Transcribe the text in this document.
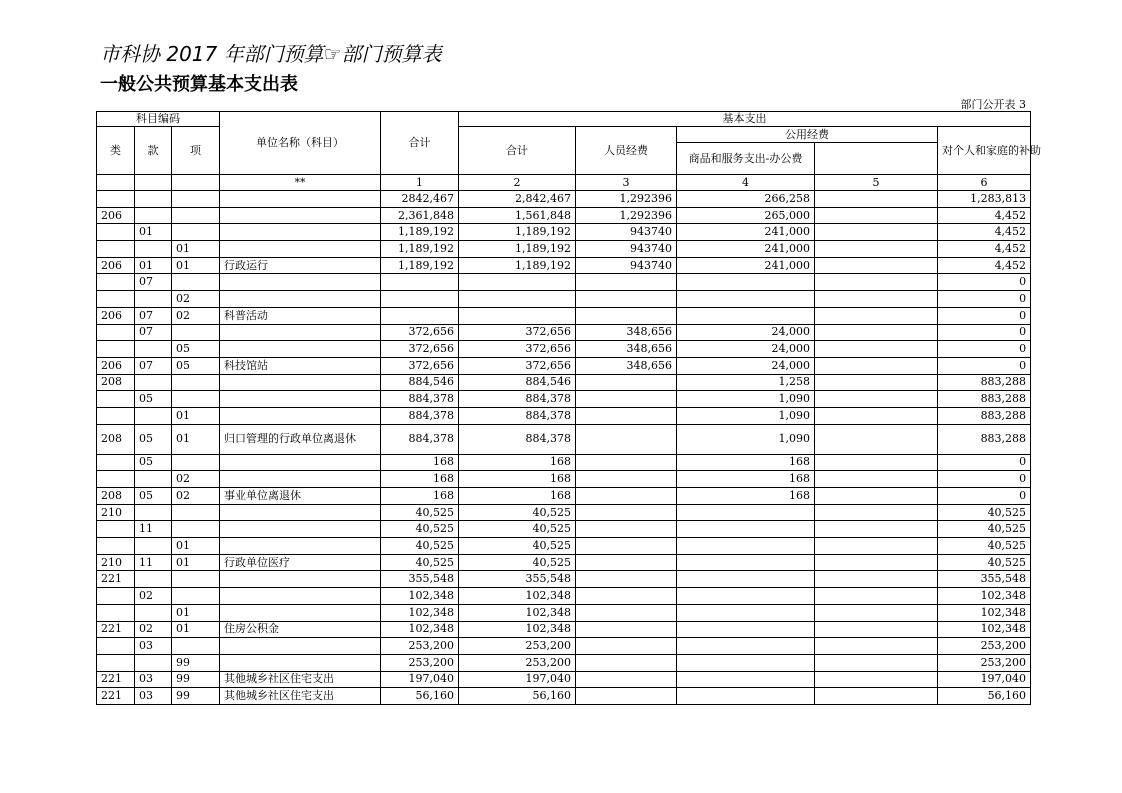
市科协 2017 年部门预算☞部门预算表
一般公共预算基本支出表
部门公开表 3
科目编码			单位名称（科目）	合计	基本支出				
类	款	项			合计	人员经费	公用经费		对个人和家庭的补助
							商品和服务支出-办公费		
			**	1	2	3	4	5	6
				2842,467	2,842,467	1,292396	266,258		1,283,813
206				2,361,848	1,561,848	1,292396	265,000		4,452
	01			1,189,192	1,189,192	943740	241,000		4,452
		01		1,189,192	1,189,192	943740	241,000		4,452
206	01	01	行政运行	1,189,192	1,189,192	943740	241,000		4,452
	07								0
		02							0
206	07	02	科普活动						0
	07			372,656	372,656	348,656	24,000		0
		05		372,656	372,656	348,656	24,000		0
206	07	05	科技馆站	372,656	372,656	348,656	24,000		0
208				884,546	884,546		1,258		883,288
	05			884,378	884,378		1,090		883,288
		01		884,378	884,378		1,090		883,288
208	05	01	归口管理的行政单位离退休	884,378	884,378		1,090		883,288
	05			168	168		168		0
		02		168	168		168		0
208	05	02	事业单位离退休	168	168		168		0
210				40,525	40,525				40,525
	11			40,525	40,525				40,525
		01		40,525	40,525				40,525
210	11	01	行政单位医疗	40,525	40,525				40,525
221				355,548	355,548				355,548
	02			102,348	102,348				102,348
		01		102,348	102,348				102,348
221	02	01	住房公积金	102,348	102,348				102,348
	03			253,200	253,200				253,200
		99		253,200	253,200				253,200
221	03	99	其他城乡社区住宅支出	197,040	197,040				197,040
221	03	99	其他城乡社区住宅支出	56,160	56,160				56,160
